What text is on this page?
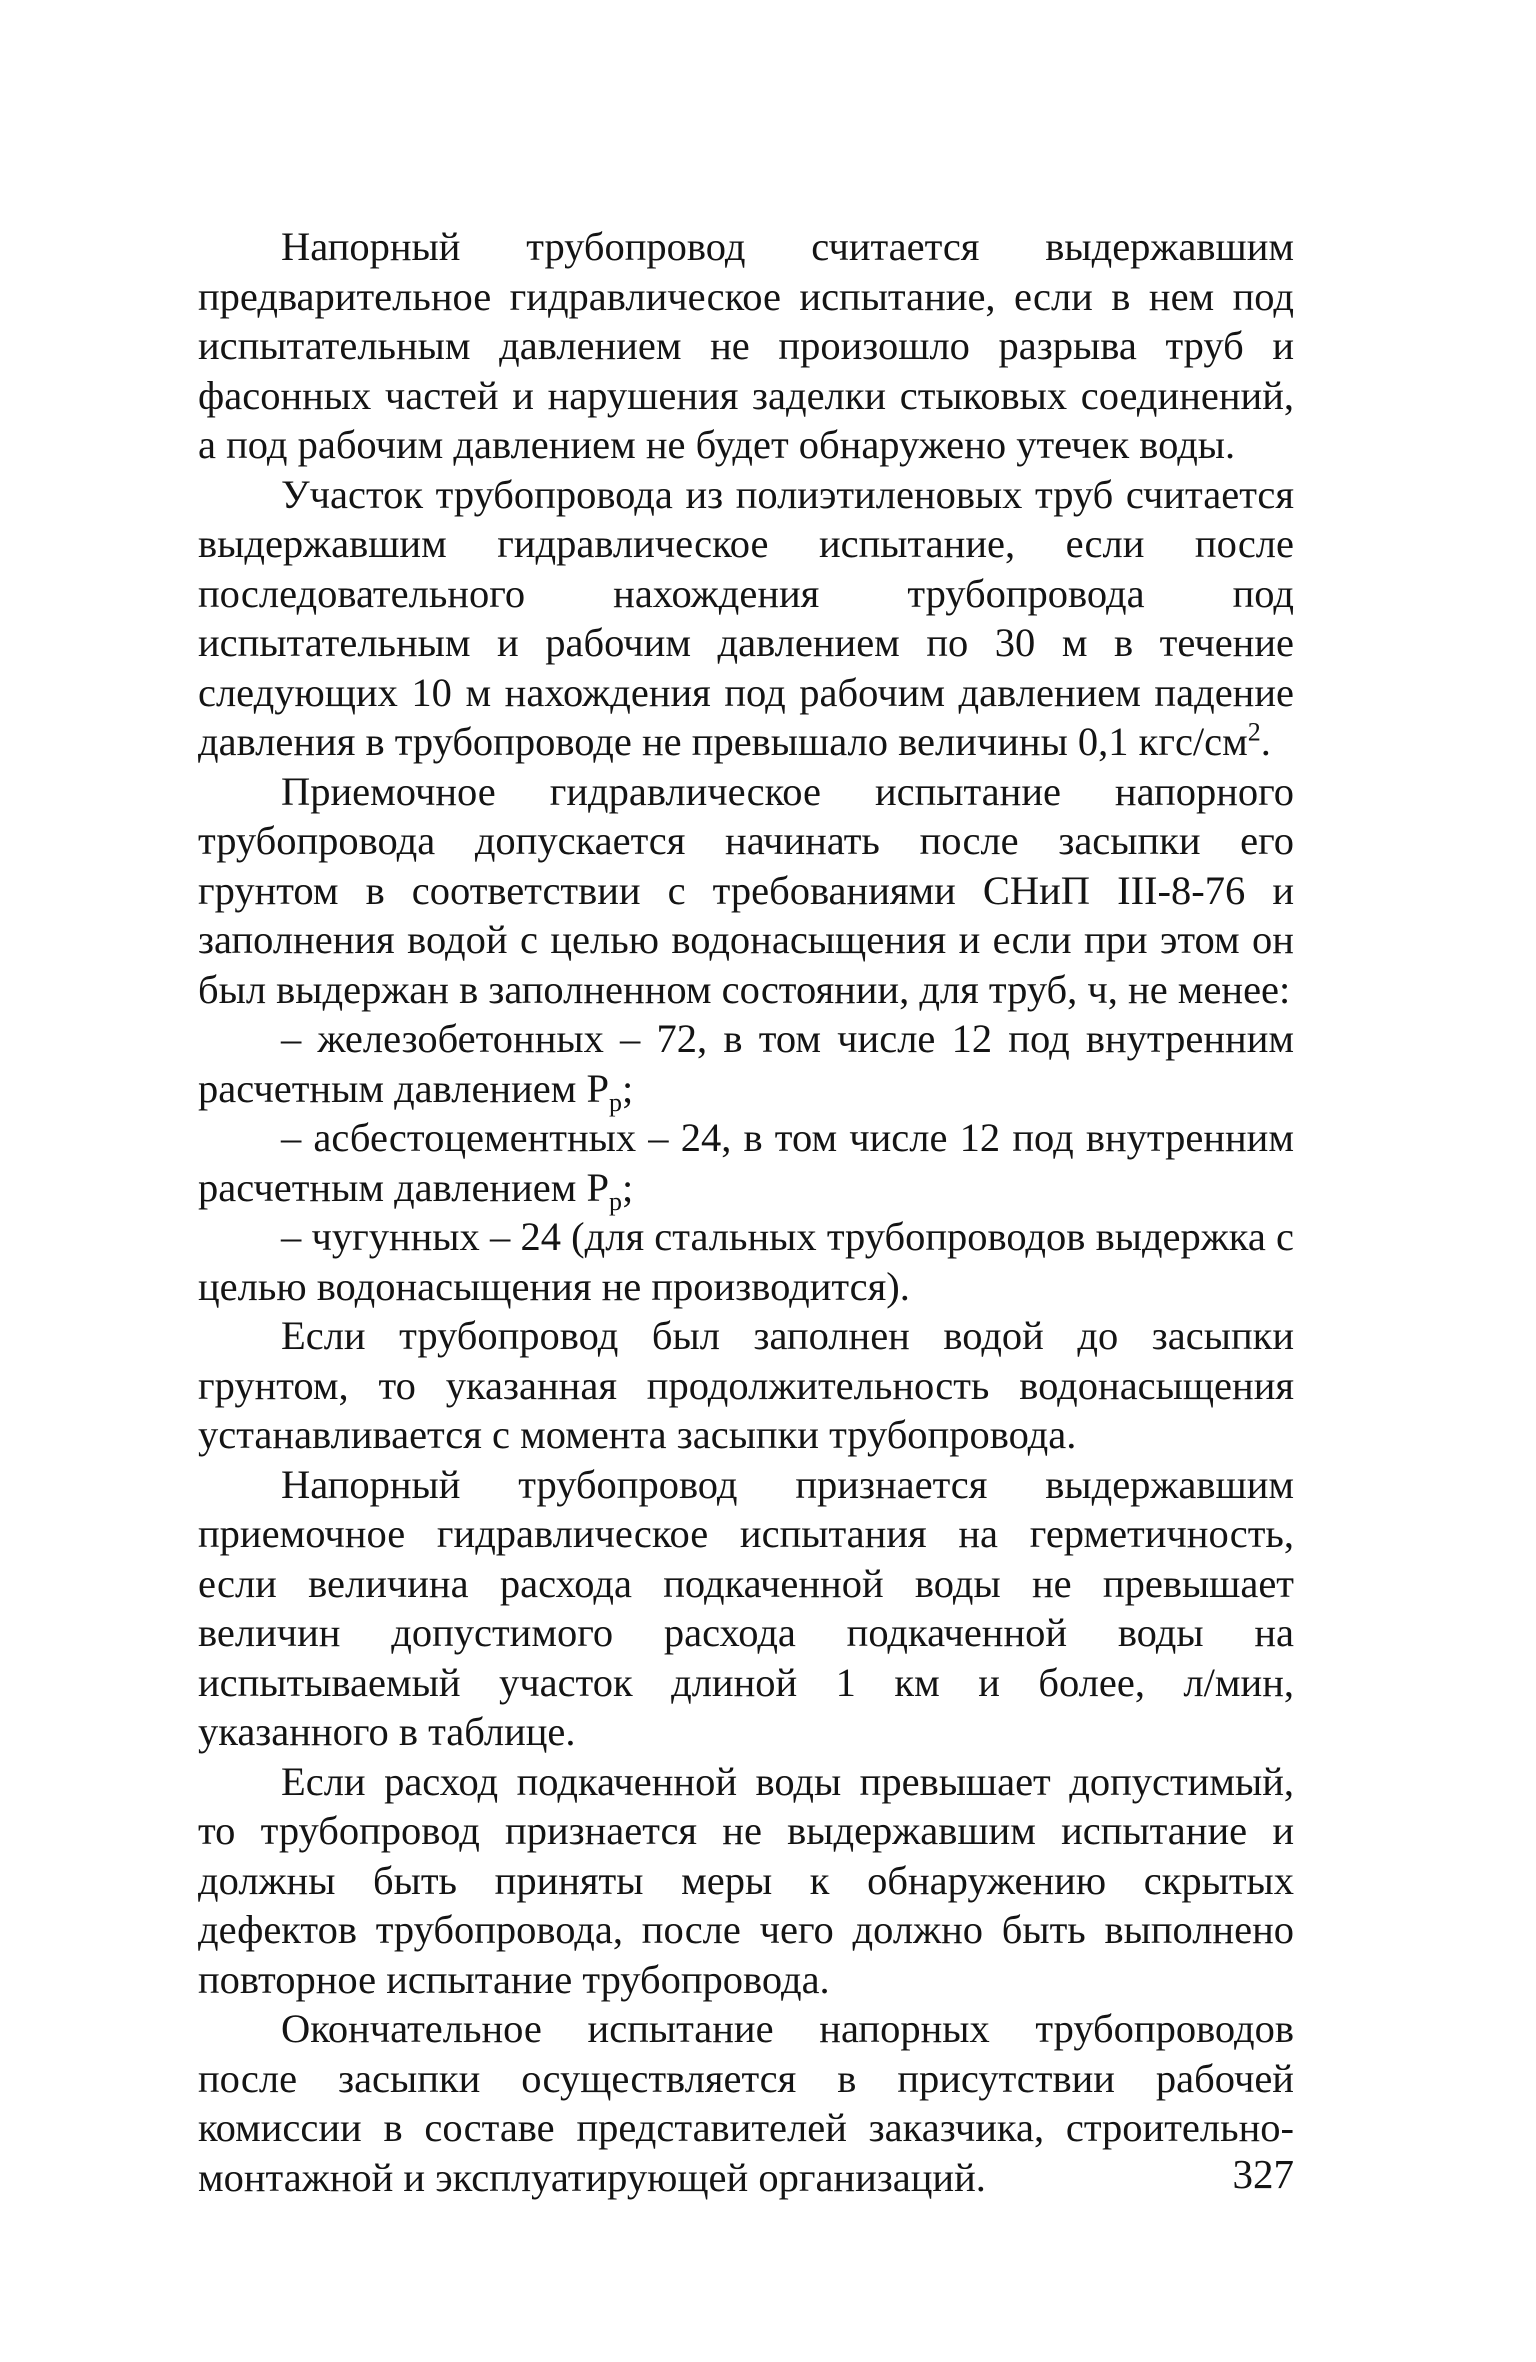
Напорный трубопровод считается выдержавшим предварительное гидравлическое испытание, если в нем под испытательным давлением не произошло разрыва труб и фасонных частей и нарушения заделки стыковых соединений, а под рабочим давлением не будет обнаружено утечек воды.

Участок трубопровода из полиэтиленовых труб считается выдержавшим гидравлическое испытание, если после последовательного нахождения трубопровода под испытательным и рабочим давлением по 30 м в течение следующих 10 м нахождения под рабочим давлением падение давления в трубопроводе не превышало величины 0,1 кгс/$см^2$.

Приемочное гидравлическое испытание напорного трубопровода допускается начинать после засыпки его грунтом в соответствии с требованиями СНиП III-8-76 и заполнения водой с целью водонасыщения и если при этом он был выдержан в заполненном состоянии, для труб, ч, не менее:

– железобетонных – 72, в том числе 12 под внутренним расчетным давлением $Р_р$;

– асбестоцементных – 24, в том числе 12 под внутренним расчетным давлением $Р_р$;

– чугунных – 24 (для стальных трубопроводов выдержка с целью водонасыщения не производится).

Если трубопровод был заполнен водой до засыпки грунтом, то указанная продолжительность водонасыщения устанавливается с момента засыпки трубопровода.

Напорный трубопровод признается выдержавшим приемочное гидравлическое испытания на герметичность, если величина расхода подкаченной воды не превышает величин допустимого расхода подкаченной воды на испытываемый участок длиной 1 км и более, л/мин, указанного в таблице.

Если расход подкаченной воды превышает допустимый, то трубопровод признается не выдержавшим испытание и должны быть приняты меры к обнаружению скрытых дефектов трубопровода, после чего должно быть выполнено повторное испытание трубопровода.

Окончательное испытание напорных трубопроводов после засыпки осуществляется в присутствии рабочей комиссии в составе представителей заказчика, строительно-монтажной и эксплуатирующей организаций.	327
